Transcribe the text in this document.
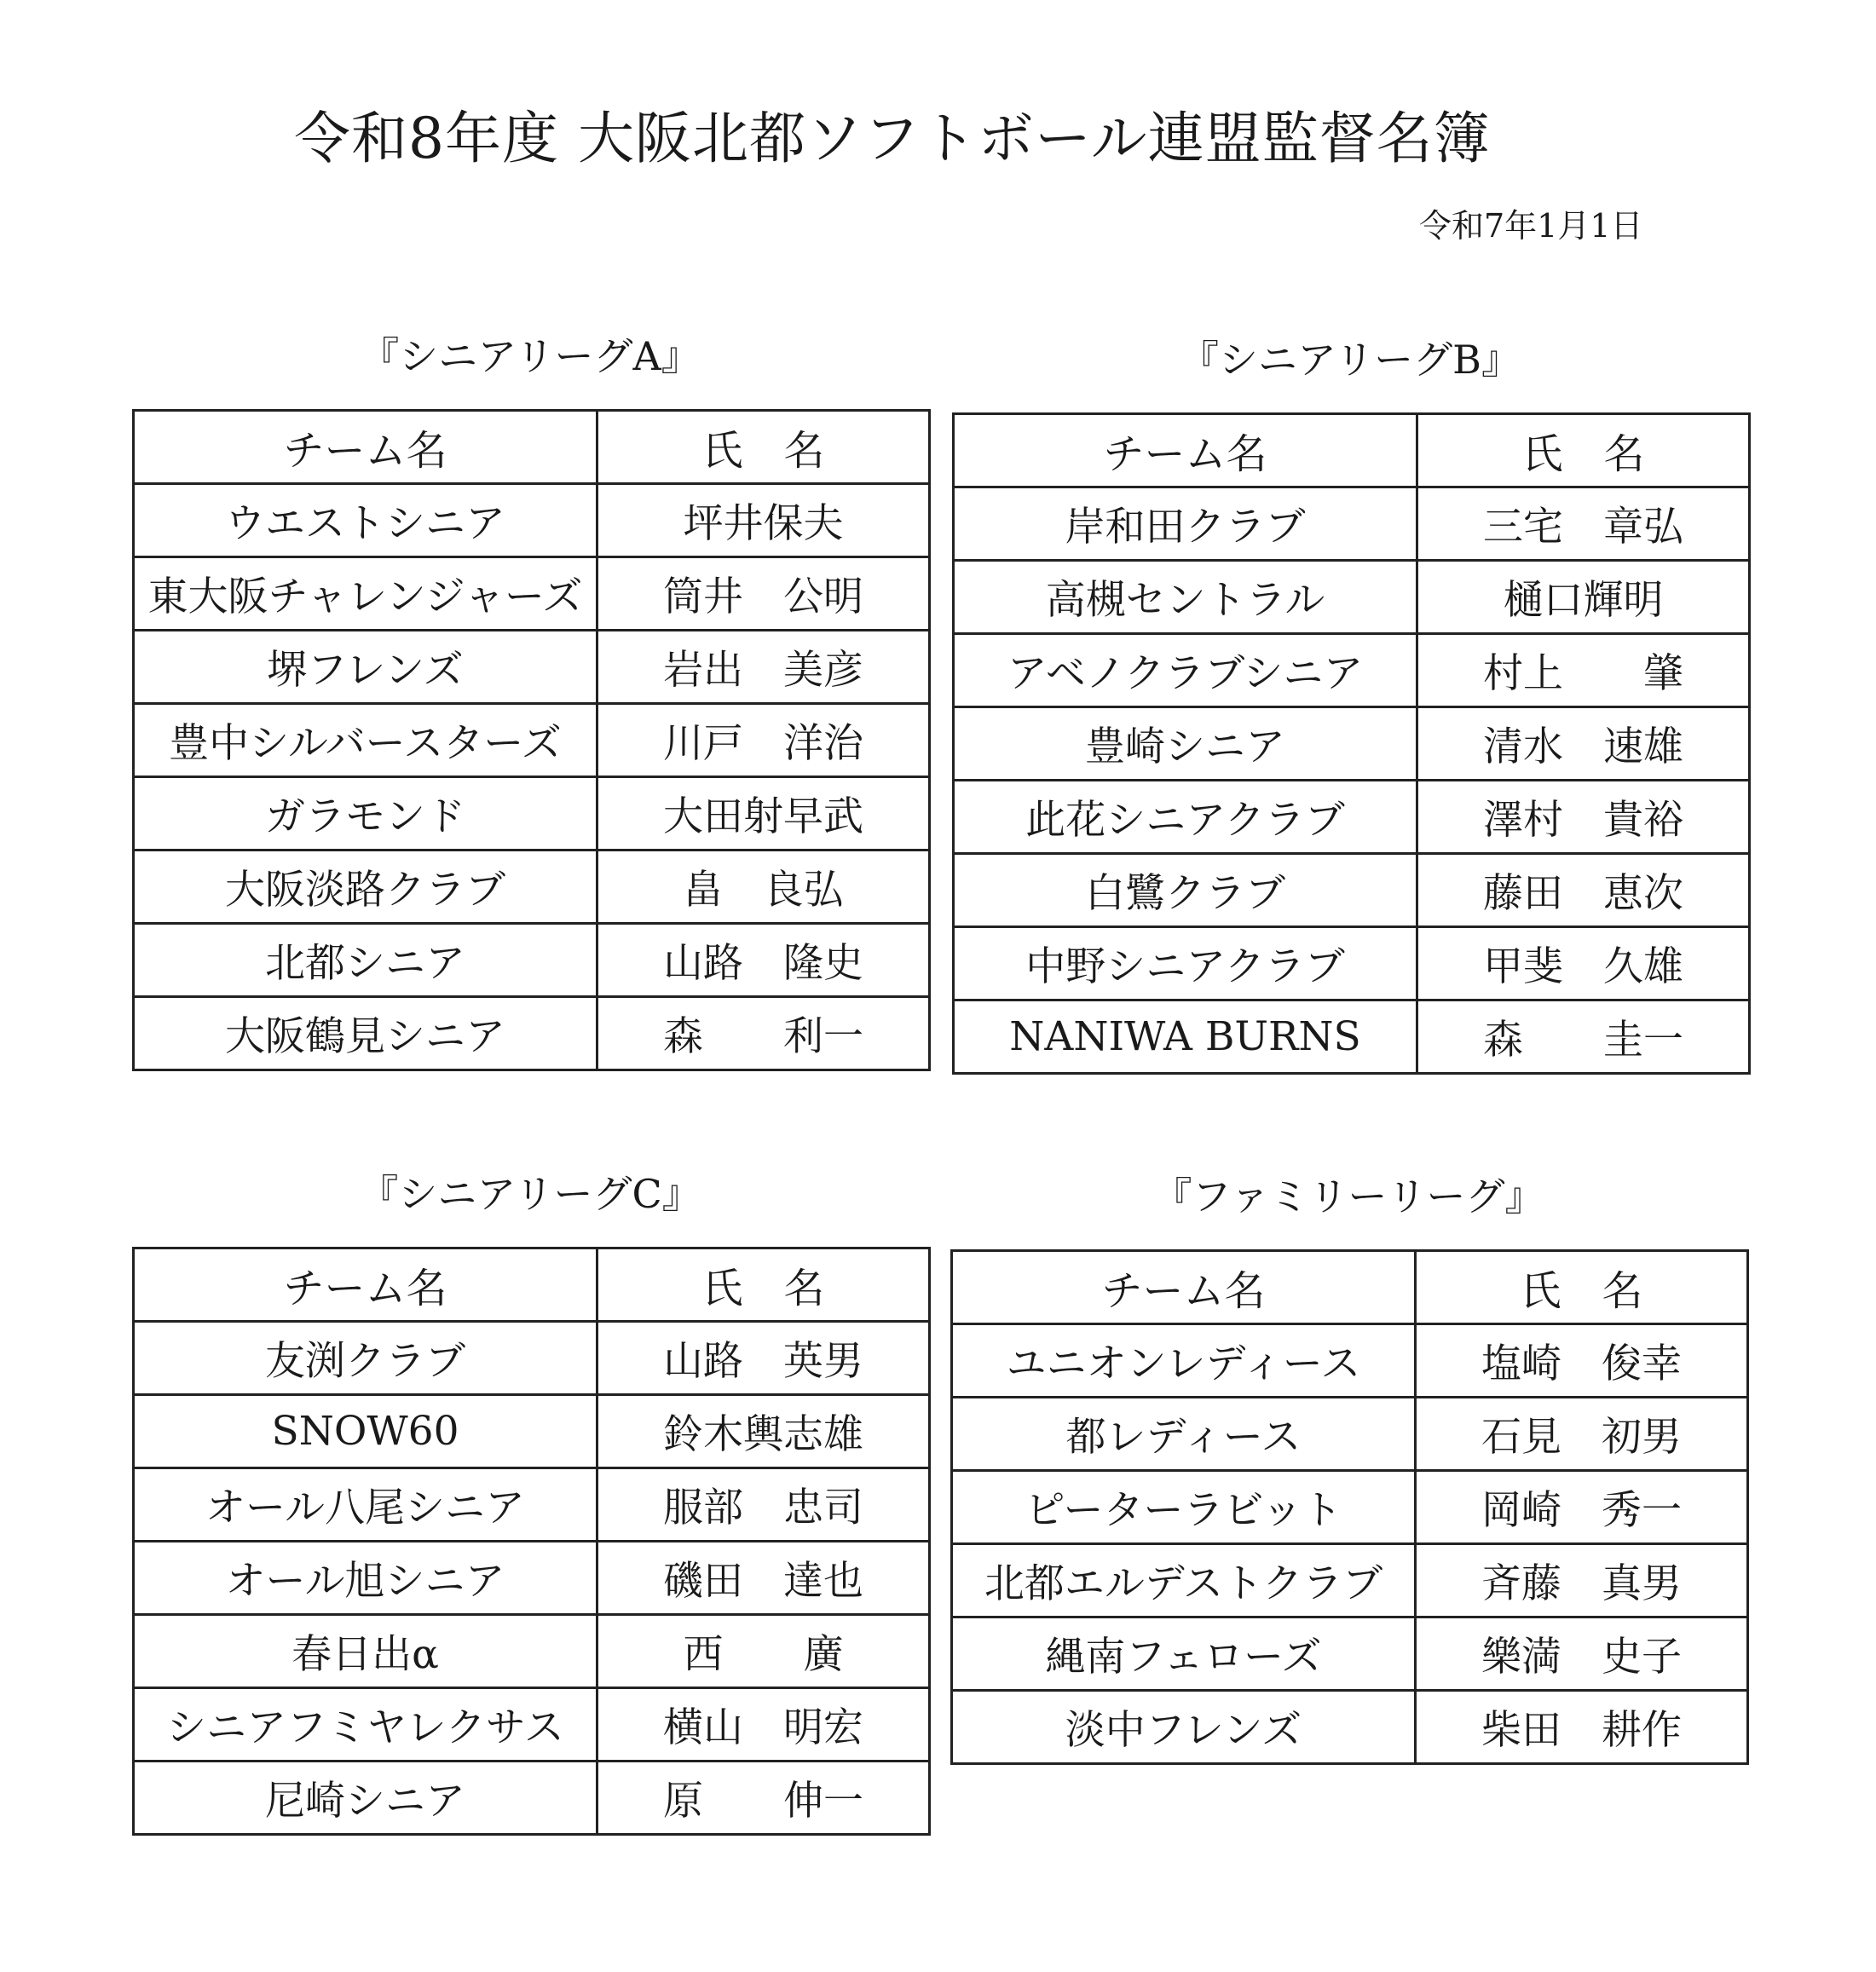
令和8年度 大阪北都ソフトボール連盟監督名簿
令和7年1月1日
『シニアリーグA』
チーム名	氏　名
ウエストシニア	坪井保夫
東大阪チャレンジャーズ	筒井　公明
堺フレンズ	岩出　美彦
豊中シルバースターズ	川戸　洋治
ガラモンド	大田射早武
大阪淡路クラブ	畠　良弘
北都シニア	山路　隆史
大阪鶴見シニア	森　　利一
『シニアリーグB』
チーム名	氏　名
岸和田クラブ	三宅　章弘
高槻セントラル	樋口輝明
アベノクラブシニア	村上　　肇
豊崎シニア	清水　速雄
此花シニアクラブ	澤村　貴裕
白鷺クラブ	藤田　恵次
中野シニアクラブ	甲斐　久雄
NANIWA BURNS	森　　圭一
『シニアリーグC』
チーム名	氏　名
友渕クラブ	山路　英男
SNOW60	鈴木輿志雄
オール八尾シニア	服部　忠司
オール旭シニア	磯田　達也
春日出α	西　　廣
シニアフミヤレクサス	横山　明宏
尼崎シニア	原　　伸一
『ファミリーリーグ』
チーム名	氏　名
ユニオンレディース	塩崎　俊幸
都レディース	石見　初男
ピーターラビット	岡崎　秀一
北都エルデストクラブ	斉藤　真男
縄南フェローズ	樂満　史子
淡中フレンズ	柴田　耕作
